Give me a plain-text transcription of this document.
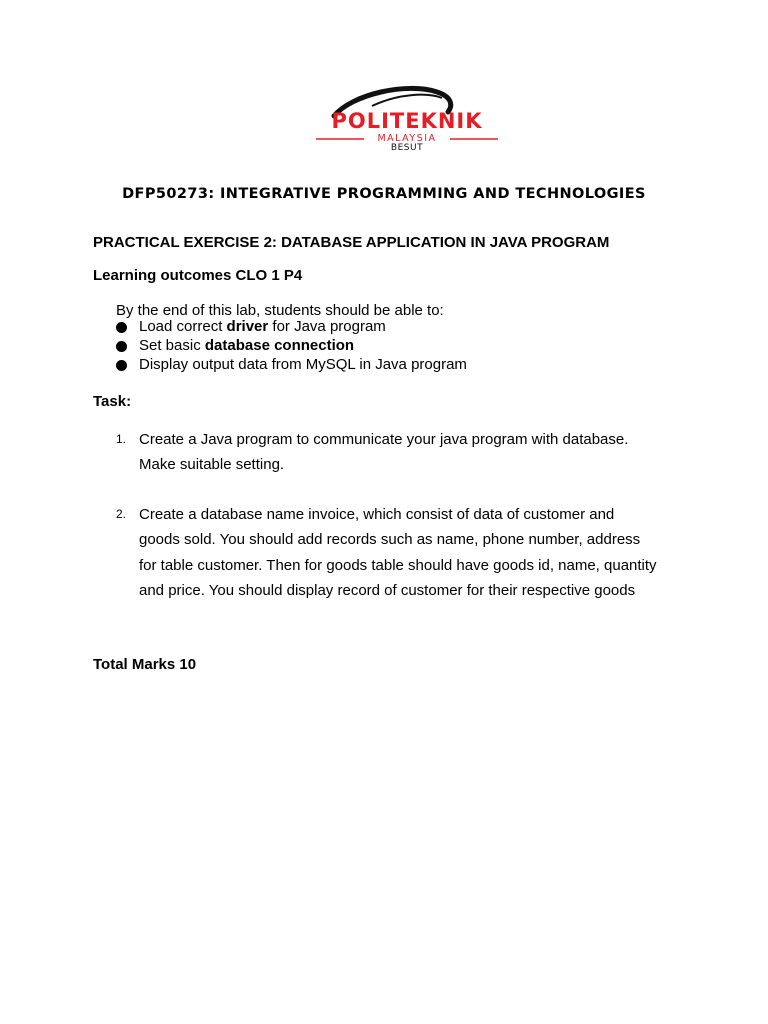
POLITEKNIK
MALAYSIA
BESUT
DFP50273: INTEGRATIVE PROGRAMMING AND TECHNOLOGIES
PRACTICAL EXERCISE 2: DATABASE APPLICATION IN JAVA PROGRAM
Learning outcomes CLO 1 P4
By the end of this lab, students should be able to:
Load correct driver for Java program
Set basic database connection
Display output data from MySQL in Java program
Task:
1. Create a Java program to communicate your java program with database.
Make suitable setting.
2. Create a database name invoice, which consist of data of customer and
goods sold. You should add records such as name, phone number, address
for table customer. Then for goods table should have goods id, name, quantity
and price. You should display record of customer for their respective goods
Total Marks 10
